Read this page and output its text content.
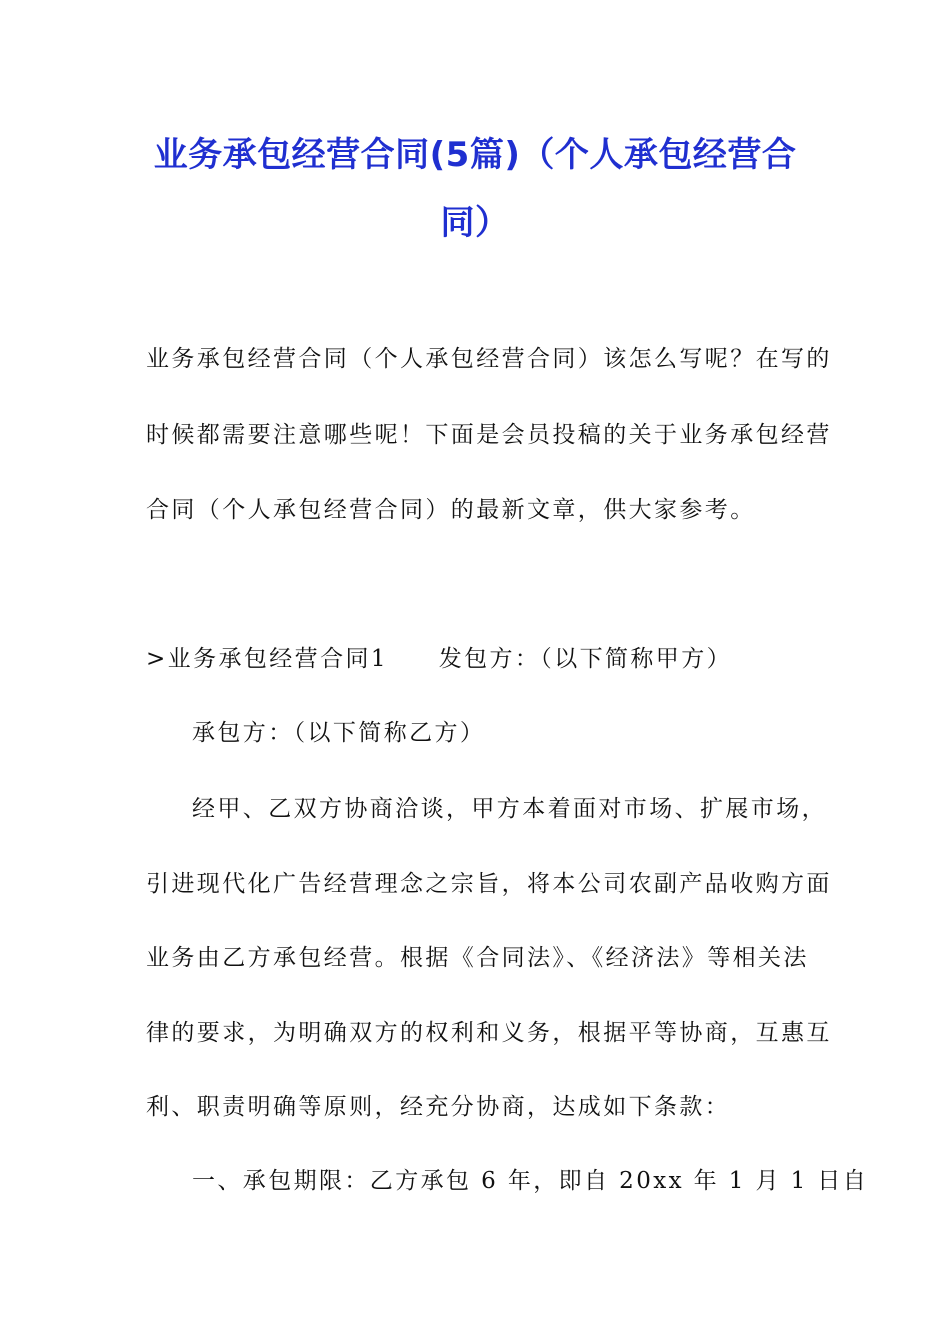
业务承包经营合同(5篇)（个人承包经营合
同）

业务承包经营合同（个人承包经营合同）该怎么写呢？在写的

时候都需要注意哪些呢！下面是会员投稿的关于业务承包经营

合同（个人承包经营合同）的最新文章，供大家参考。

>业务承包经营合同1　　发包方：（以下简称甲方）

承包方：（以下简称乙方）

经甲、乙双方协商洽谈，甲方本着面对市场、扩展市场，

引进现代化广告经营理念之宗旨，将本公司农副产品收购方面

业务由乙方承包经营。根据《合同法》、《经济法》等相关法

律的要求，为明确双方的权利和义务，根据平等协商，互惠互

利、职责明确等原则，经充分协商，达成如下条款：

一、承包期限：乙方承包 6 年，即自 20xx 年 1 月 1 日自
